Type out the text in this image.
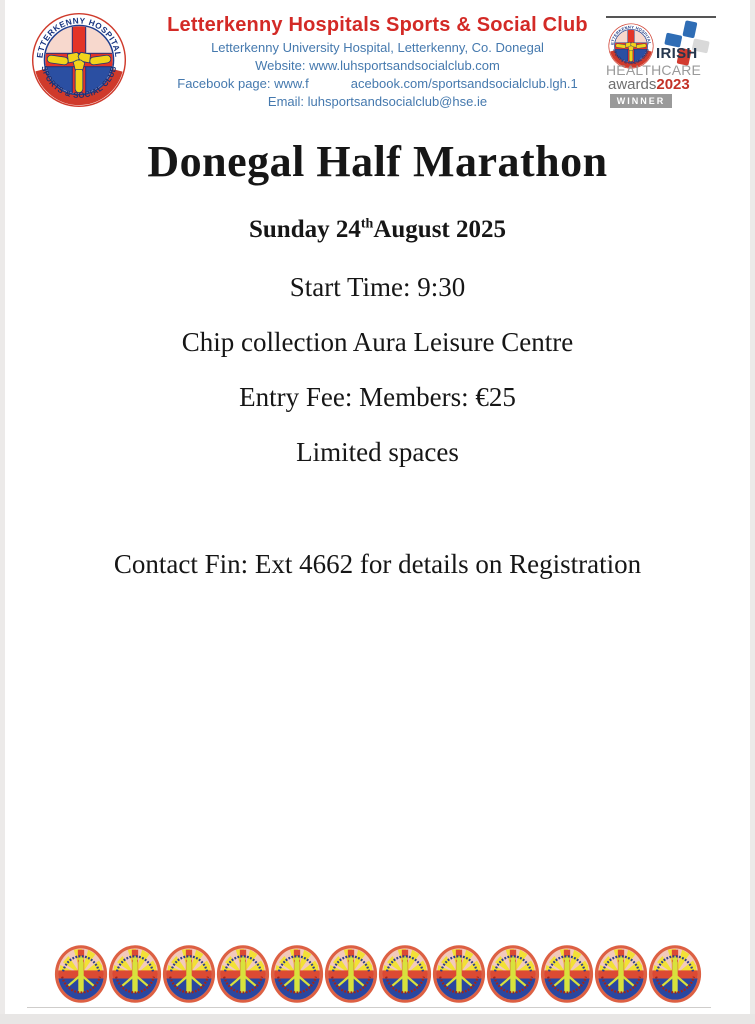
Letterkenny Hospitals Sports & Social Club
Letterkenny University Hospital, Letterkenny, Co. Donegal
Website: www.luhsportsandsocialclub.com
Facebook page: www.f	acebook.com/sportsandsocialclub.lgh.1
Email: luhsportsandsocialclub@hse.ie
IRISH
HEALTHCARE
awards2023
WINNER
Donegal Half Marathon
Sunday 24thAugust 2025
Start Time: 9:30
Chip collection Aura Leisure Centre
Entry Fee: Members: €25
Limited spaces
Contact Fin: Ext 4662 for details on Registration
